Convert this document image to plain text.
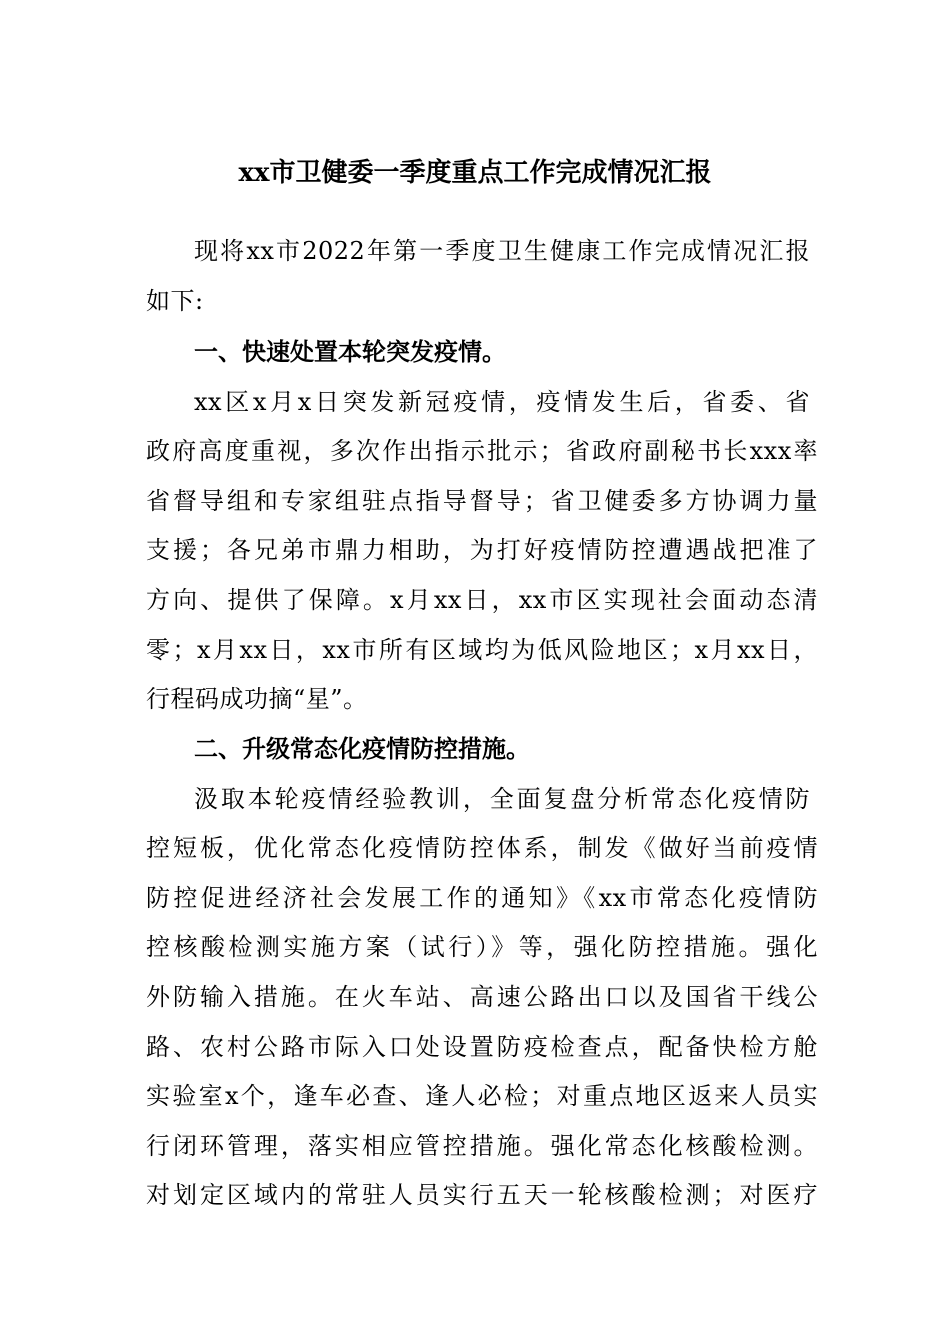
xx市卫健委一季度重点工作完成情况汇报
现将xx市2022年第一季度卫生健康工作完成情况汇报
如下:
一、快速处置本轮突发疫情。
xx区x月x日突发新冠疫情，疫情发生后，省委、省
政府高度重视，多次作出指示批示；省政府副秘书长xxx率
省督导组和专家组驻点指导督导；省卫健委多方协调力量
支援；各兄弟市鼎力相助，为打好疫情防控遭遇战把准了
方向、提供了保障。x月xx日，xx市区实现社会面动态清
零；x月xx日，xx市所有区域均为低风险地区；x月xx日，
行程码成功摘“星”。
二、升级常态化疫情防控措施。
汲取本轮疫情经验教训，全面复盘分析常态化疫情防
控短板，优化常态化疫情防控体系，制发《做好当前疫情
防控促进经济社会发展工作的通知》《xx市常态化疫情防
控核酸检测实施方案（试行）》等，强化防控措施。强化
外防输入措施。在火车站、高速公路出口以及国省干线公
路、农村公路市际入口处设置防疫检查点，配备快检方舱
实验室x个，逢车必查、逢人必检；对重点地区返来人员实
行闭环管理，落实相应管控措施。强化常态化核酸检测。
对划定区域内的常驻人员实行五天一轮核酸检测；对医疗
